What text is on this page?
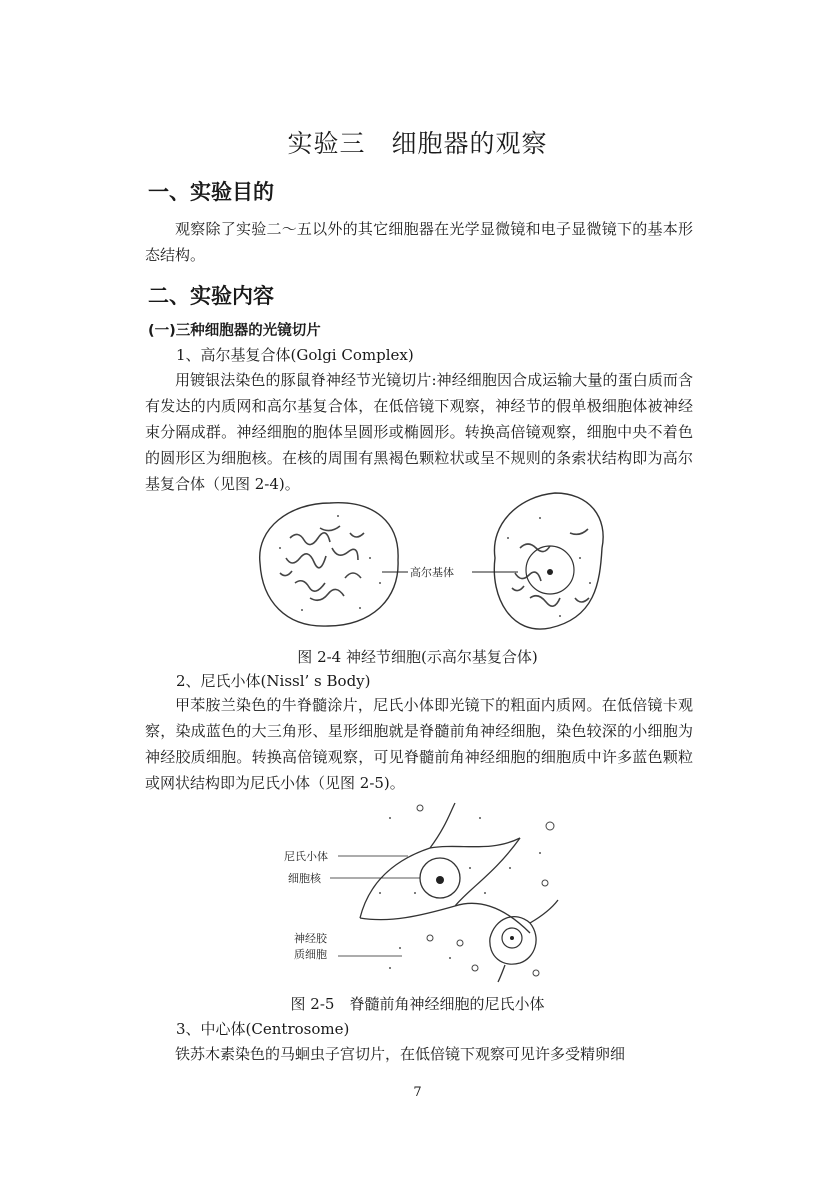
实验三　细胞器的观察
一、实验目的

观察除了实验二～五以外的其它细胞器在光学显微镜和电子显微镜下的基本形态结构。

二、实验内容
(一)三种细胞器的光镜切片
1、高尔基复合体(Golgi Complex)

用镀银法染色的豚鼠脊神经节光镜切片:神经细胞因合成运输大量的蛋白质而含有发达的内质网和高尔基复合体，在低倍镜下观察，神经节的假单极细胞体被神经束分隔成群。神经细胞的胞体呈圆形或椭圆形。转换高倍镜观察，细胞中央不着色的圆形区为细胞核。在核的周围有黑褐色颗粒状或呈不规则的条索状结构即为高尔基复合体（见图 2-4)。

高尔基体
图 2-4 神经节细胞(示高尔基复合体)
2、尼氏小体(Nissl’ s Body)

甲苯胺兰染色的牛脊髓涂片，尼氏小体即光镜下的粗面内质网。在低倍镜卡观察，染成蓝色的大三角形、星形细胞就是脊髓前角神经细胞，染色较深的小细胞为神经胶质细胞。转换高倍镜观察，可见脊髓前角神经细胞的细胞质中许多蓝色颗粒或网状结构即为尼氏小体（见图 2-5)。

尼氏小体
细胞核
神经胶
质细胞
图 2-5　脊髓前角神经细胞的尼氏小体
3、中心体(Centrosome)

铁苏木素染色的马蛔虫子宫切片，在低倍镜下观察可见许多受精卵细

7
